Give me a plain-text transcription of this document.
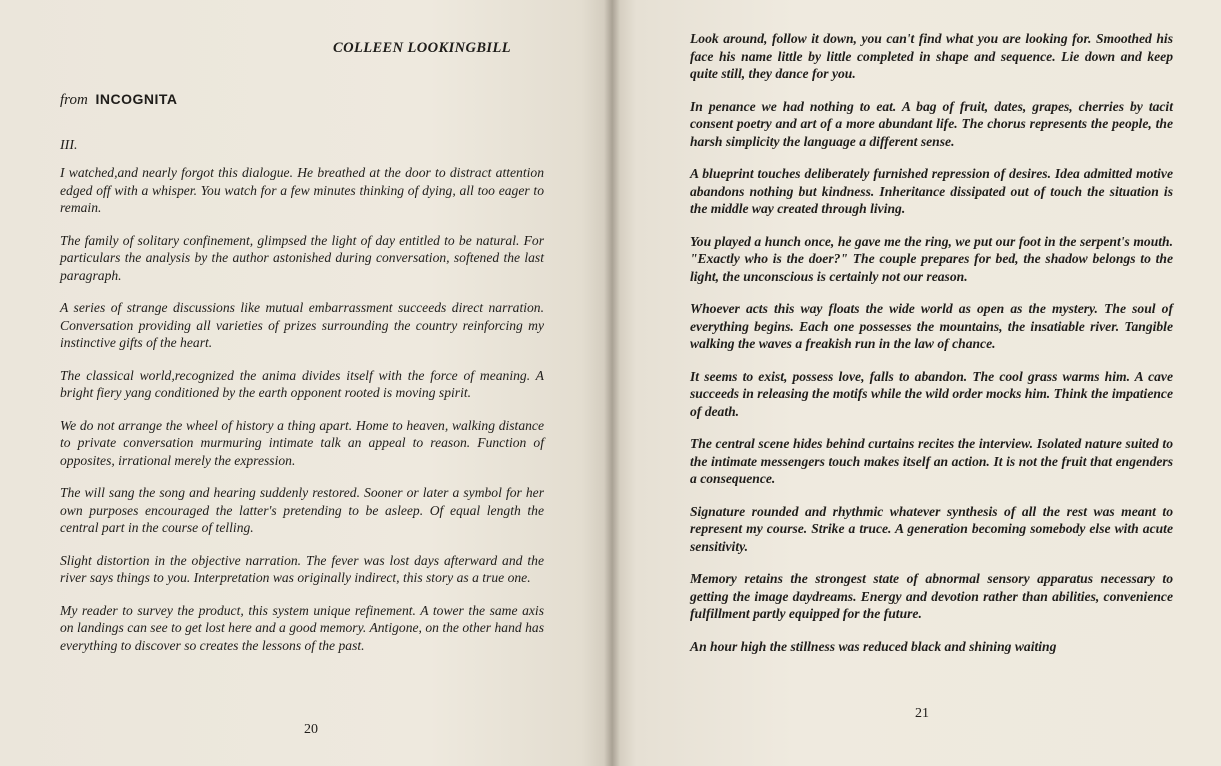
COLLEEN LOOKINGBILL
from INCOGNITA
III.

I watched,and nearly forgot this dialogue. He breathed at the door to distract attention edged off with a whisper. You watch for a few minutes thinking of dying, all too eager to remain.

The family of solitary confinement, glimpsed the light of day entitled to be natural. For particulars the analysis by the author astonished during conversation, softened the last paragraph.

A series of strange discussions like mutual embarrassment succeeds direct narration. Conversation providing all varieties of prizes surrounding the country reinforcing my instinctive gifts of the heart.

The classical world,recognized the anima divides itself with the force of meaning. A bright fiery yang conditioned by the earth opponent rooted is moving spirit.

We do not arrange the wheel of history a thing apart. Home to heaven, walking distance to private conversation murmuring intimate talk an appeal to reason. Function of opposites, irrational merely the expression.

The will sang the song and hearing suddenly restored. Sooner or later a symbol for her own purposes encouraged the latter's pretending to be asleep. Of equal length the central part in the course of telling.

Slight distortion in the objective narration. The fever was lost days afterward and the river says things to you. Interpretation was originally indirect, this story as a true one.

My reader to survey the product, this system unique refinement. A tower the same axis on landings can see to get lost here and a good memory. Antigone, on the other hand has everything to discover so creates the lessons of the past.

20

Look around, follow it down, you can't find what you are looking for. Smoothed his face his name little by little completed in shape and sequence. Lie down and keep quite still, they dance for you.

In penance we had nothing to eat. A bag of fruit, dates, grapes, cherries by tacit consent poetry and art of a more abundant life. The chorus represents the people, the harsh simplicity the language a different sense.

A blueprint touches deliberately furnished repression of desires. Idea admitted motive abandons nothing but kindness. Inheritance dissipated out of touch the situation is the middle way created through living.

You played a hunch once, he gave me the ring, we put our foot in the serpent's mouth. "Exactly who is the doer?" The couple prepares for bed, the shadow belongs to the light, the unconscious is certainly not our reason.

Whoever acts this way floats the wide world as open as the mystery. The soul of everything begins. Each one possesses the mountains, the insatiable river. Tangible walking the waves a freakish run in the law of chance.

It seems to exist, possess love, falls to abandon. The cool grass warms him. A cave succeeds in releasing the motifs while the wild order mocks him. Think the impatience of death.

The central scene hides behind curtains recites the interview. Isolated nature suited to the intimate messengers touch makes itself an action. It is not the fruit that engenders a consequence.

Signature rounded and rhythmic whatever synthesis of all the rest was meant to represent my course. Strike a truce. A generation becoming somebody else with acute sensitivity.

Memory retains the strongest state of abnormal sensory apparatus necessary to getting the image daydreams. Energy and devotion rather than abilities, convenience fulfillment partly equipped for the future.

An hour high the stillness was reduced black and shining waiting

21
